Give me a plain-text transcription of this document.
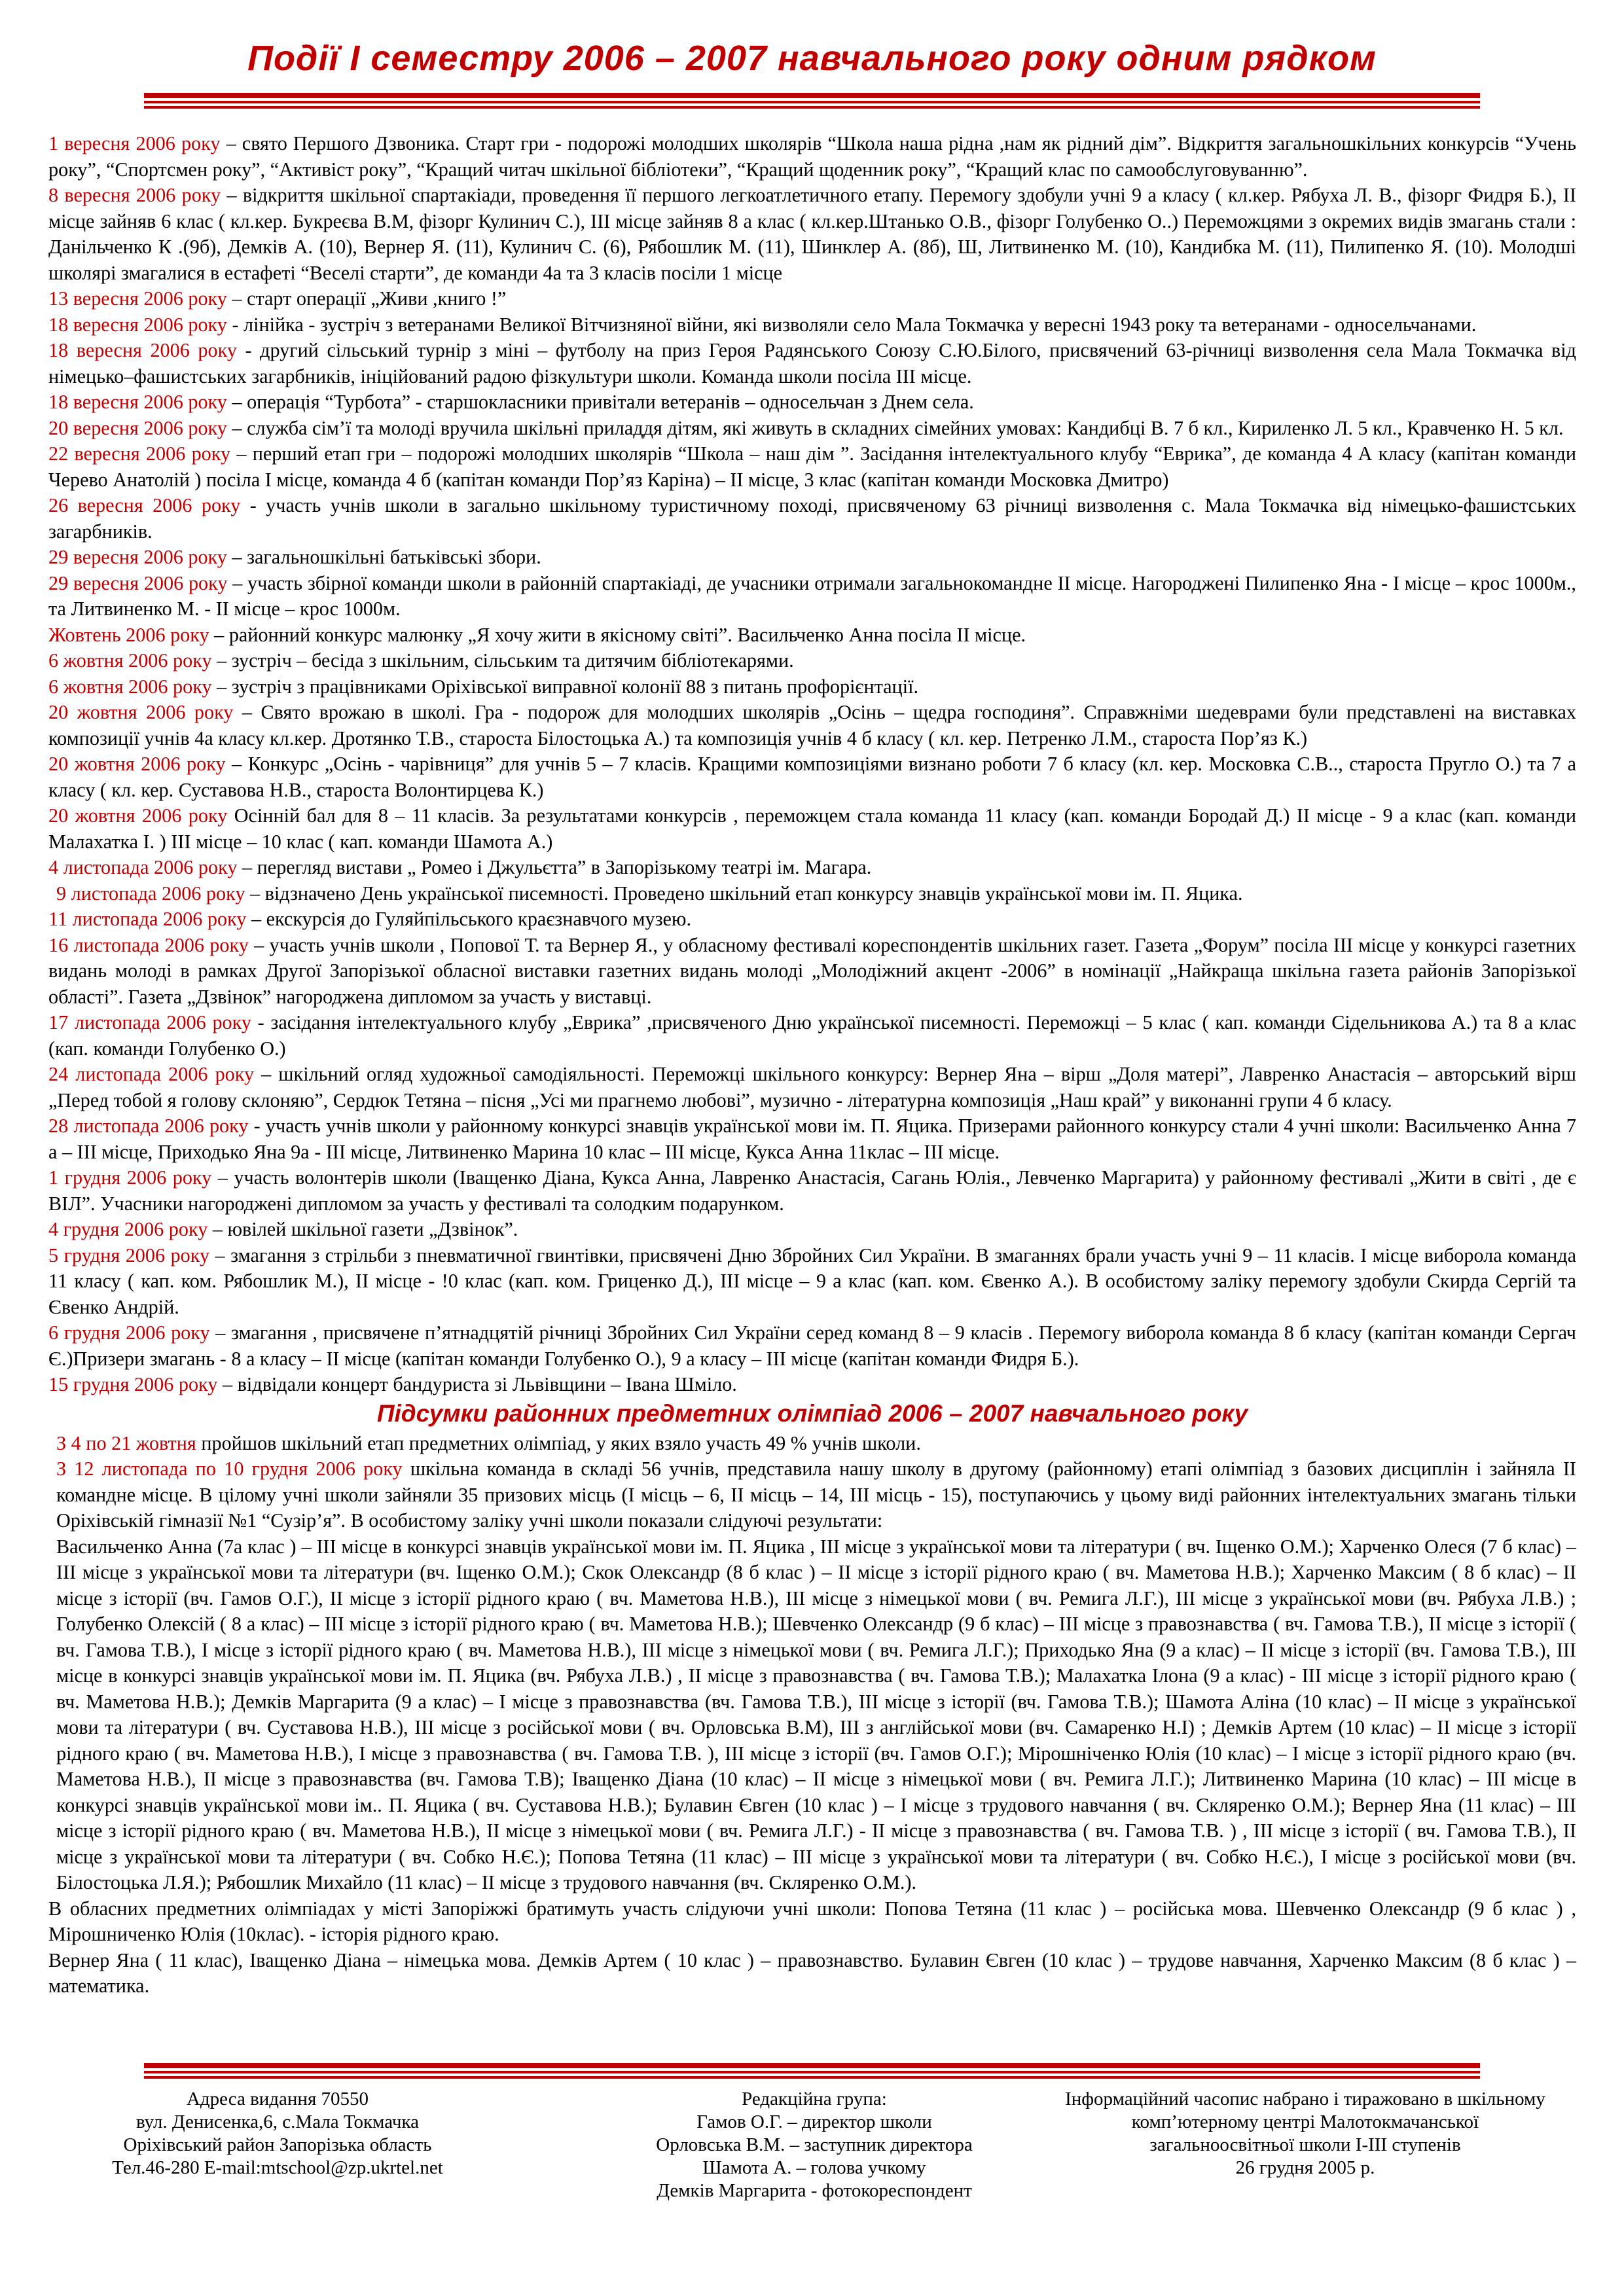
Події І семестру 2006 – 2007 навчального року одним рядком

1 вересня 2006 року – свято Першого Дзвоника. Старт гри - подорожі молодших школярів “Школа наша рідна ,нам як рідний дім”. Відкриття загальношкільних конкурсів “Учень року”, “Спортсмен року”, “Активіст року”, “Кращий читач шкільної бібліотеки”, “Кращий щоденник року”, “Кращий клас по самообслуговуванню”.

8 вересня 2006 року – відкриття шкільної спартакіади, проведення її першого легкоатлетичного етапу. Перемогу здобули учні 9 а класу ( кл.кер. Рябуха Л. В., фізорг Фидря Б.), ІІ місце зайняв 6 клас ( кл.кер. Букреєва В.М, фізорг Кулинич С.), ІІІ місце зайняв 8 а клас ( кл.кер.Штанько О.В., фізорг Голубенко О..) Переможцями з окремих видів змагань стали : Данільченко К .(9б), Демків А. (10), Вернер Я. (11), Кулинич С. (6), Рябошлик М. (11), Шинклер А. (8б), Ш, Литвиненко М. (10), Кандибка М. (11), Пилипенко Я. (10). Молодші школярі змагалися в естафеті “Веселі старти”, де команди 4а та 3 класів посіли 1 місце

13 вересня 2006 року – старт операції „Живи ,книго !”

18 вересня 2006 року - лінійка - зустріч з ветеранами Великої Вітчизняної війни, які визволяли село Мала Токмачка у вересні 1943 року та ветеранами - односельчанами.

18 вересня 2006 року - другий сільський турнір з міні – футболу на приз Героя Радянського Союзу С.Ю.Білого, присвячений 63-річниці визволення села Мала Токмачка від німецько–фашистських загарбників, ініційований радою фізкультури школи. Команда школи посіла ІІІ місце.

18 вересня 2006 року – операція “Турбота” - старшокласники привітали ветеранів – односельчан з Днем села.

20 вересня 2006 року – служба сім’ї та молоді вручила шкільні приладдя дітям, які живуть в складних сімейних умовах: Кандибці В. 7 б кл., Кириленко Л. 5 кл., Кравченко Н. 5 кл.

22 вересня 2006 року – перший етап гри – подорожі молодших школярів “Школа – наш дім ”. Засідання інтелектуального клубу “Еврика”, де команда 4 А класу (капітан команди Черево Анатолій ) посіла І місце, команда 4 б (капітан команди Пор’яз Каріна) – ІІ місце, 3 клас (капітан команди Московка Дмитро)

26 вересня 2006 року - участь учнів школи в загально шкільному туристичному поході, присвяченому 63 річниці визволення с. Мала Токмачка від німецько-фашистських загарбників.

29 вересня 2006 року – загальношкільні батьківські збори.

29 вересня 2006 року – участь збірної команди школи в районній спартакіаді, де учасники отримали загальнокомандне ІІ місце. Нагороджені Пилипенко Яна - І місце – крос 1000м., та Литвиненко М. - ІІ місце – крос 1000м.

Жовтень 2006 року – районний конкурс малюнку „Я хочу жити в якісному світі”. Васильченко Анна посіла ІІ місце.

6 жовтня 2006 року – зустріч – бесіда з шкільним, сільським та дитячим бібліотекарями.

6 жовтня 2006 року – зустріч з працівниками Оріхівської виправної колонії 88 з питань профорієнтації.

20 жовтня 2006 року – Свято врожаю в школі. Гра - подорож для молодших школярів „Осінь – щедра господиня”. Справжніми шедеврами були представлені на виставках композиції учнів 4а класу кл.кер. Дротянко Т.В., староста Білостоцька А.) та композиція учнів 4 б класу ( кл. кер. Петренко Л.М., староста Пор’яз К.)

20 жовтня 2006 року – Конкурс „Осінь - чарівниця” для учнів 5 – 7 класів. Кращими композиціями визнано роботи 7 б класу (кл. кер. Московка С.В.., староста Пругло О.) та 7 а класу ( кл. кер. Суставова Н.В., староста Волонтирцева К.)

20 жовтня 2006 року Осінній бал для 8 – 11 класів. За результатами конкурсів , переможцем стала команда 11 класу (кап. команди Бородай Д.) ІІ місце - 9 а клас (кап. команди Малахатка І. ) ІІІ місце – 10 клас ( кап. команди Шамота А.)

4 листопада 2006 року – перегляд вистави „ Ромео і Джульєтта” в Запорізькому театрі ім. Магара.

9 листопада 2006 року – відзначено День української писемності. Проведено шкільний етап конкурсу знавців української мови ім. П. Яцика.

11 листопада 2006 року – екскурсія до Гуляйпільського краєзнавчого музею.

16 листопада 2006 року – участь учнів школи , Попової Т. та Вернер Я., у обласному фестивалі кореспондентів шкільних газет. Газета „Форум” посіла ІІІ місце у конкурсі газетних видань молоді в рамках Другої Запорізької обласної виставки газетних видань молоді „Молодіжний акцент -2006” в номінації „Найкраща шкільна газета районів Запорізької області”. Газета „Дзвінок” нагороджена дипломом за участь у виставці.

17 листопада 2006 року - засідання інтелектуального клубу „Еврика” ,присвяченого Дню української писемності. Переможці – 5 клас ( кап. команди Сідельникова А.) та 8 а клас (кап. команди Голубенко О.)

24 листопада 2006 року – шкільний огляд художньої самодіяльності. Переможці шкільного конкурсу: Вернер Яна – вірш „Доля матері”, Лавренко Анастасія – авторський вірш „Перед тобой я голову склоняю”, Сердюк Тетяна – пісня „Усі ми прагнемо любові”, музично - літературна композиція „Наш край” у виконанні групи 4 б класу.

28 листопада 2006 року - участь учнів школи у районному конкурсі знавців української мови ім. П. Яцика. Призерами районного конкурсу стали 4 учні школи: Васильченко Анна 7 а – ІІІ місце, Приходько Яна 9а - ІІІ місце, Литвиненко Марина 10 клас – ІІІ місце, Кукса Анна 11клас – ІІІ місце.

1 грудня 2006 року – участь волонтерів школи (Іващенко Діана, Кукса Анна, Лавренко Анастасія, Сагань Юлія., Левченко Маргарита) у районному фестивалі „Жити в світі , де є ВІЛ”. Учасники нагороджені дипломом за участь у фестивалі та солодким подарунком.

4 грудня 2006 року – ювілей шкільної газети „Дзвінок”.

5 грудня 2006 року – змагання з стрільби з пневматичної гвинтівки, присвячені Дню Збройних Сил України. В змаганнях брали участь учні 9 – 11 класів. І місце виборола команда 11 класу ( кап. ком. Рябошлик М.), ІІ місце - !0 клас (кап. ком. Гриценко Д.), ІІІ місце – 9 а клас (кап. ком. Євенко А.). В особистому заліку перемогу здобули Скирда Сергій та Євенко Андрій.

6 грудня 2006 року – змагання , присвячене п’ятнадцятій річниці Збройних Сил України серед команд 8 – 9 класів . Перемогу виборола команда 8 б класу (капітан команди Сергач Є.)Призери змагань - 8 а класу – ІІ місце (капітан команди Голубенко О.), 9 а класу – ІІІ місце (капітан команди Фидря Б.).

15 грудня 2006 року – відвідали концерт бандуриста зі Львівщини – Івана Шміло.

Підсумки районних предметних олімпіад 2006 – 2007 навчального року

З 4 по 21 жовтня пройшов шкільний етап предметних олімпіад, у яких взяло участь 49 % учнів школи.

З 12 листопада по 10 грудня 2006 року шкільна команда в складі 56 учнів, представила нашу школу в другому (районному) етапі олімпіад з базових дисциплін і зайняла ІІ командне місце. В цілому учні школи зайняли 35 призових місць (І місць – 6, ІІ місць – 14, ІІІ місць - 15), поступаючись у цьому виді районних інтелектуальних змагань тільки Оріхівській гімназії №1 “Сузір’я”. В особистому заліку учні школи показали слідуючі результати:

Васильченко Анна (7а клас ) – ІІІ місце в конкурсі знавців української мови ім. П. Яцика , ІІІ місце з української мови та літератури ( вч. Іщенко О.М.); Харченко Олеся (7 б клас) – ІІІ місце з української мови та літератури (вч. Іщенко О.М.); Скок Олександр (8 б клас ) – ІІ місце з історії рідного краю ( вч. Маметова Н.В.); Харченко Максим ( 8 б клас) – ІІ місце з історії (вч. Гамов О.Г.), ІІ місце з історії рідного краю ( вч. Маметова Н.В.), ІІІ місце з німецької мови ( вч. Ремига Л.Г.), ІІІ місце з української мови (вч. Рябуха Л.В.) ; Голубенко Олексій ( 8 а клас) – ІІІ місце з історії рідного краю ( вч. Маметова Н.В.); Шевченко Олександр (9 б клас) – ІІІ місце з правознавства ( вч. Гамова Т.В.), ІІ місце з історії ( вч. Гамова Т.В.), І місце з історії рідного краю ( вч. Маметова Н.В.), ІІІ місце з німецької мови ( вч. Ремига Л.Г.); Приходько Яна (9 а клас) – ІІ місце з історії (вч. Гамова Т.В.), ІІІ місце в конкурсі знавців української мови ім. П. Яцика (вч. Рябуха Л.В.) , ІІ місце з правознавства ( вч. Гамова Т.В.); Малахатка Ілона (9 а клас) - ІІІ місце з історії рідного краю ( вч. Маметова Н.В.); Демків Маргарита (9 а клас) – І місце з правознавства (вч. Гамова Т.В.), ІІІ місце з історії (вч. Гамова Т.В.); Шамота Аліна (10 клас) – ІІ місце з української мови та літератури ( вч. Суставова Н.В.), ІІІ місце з російської мови ( вч. Орловська В.М), ІІІ з англійської мови (вч. Самаренко Н.І) ; Демків Артем (10 клас) – ІІ місце з історії рідного краю ( вч. Маметова Н.В.), І місце з правознавства ( вч. Гамова Т.В. ), ІІІ місце з історії (вч. Гамов О.Г.); Мірошніченко Юлія (10 клас) – І місце з історії рідного краю (вч. Маметова Н.В.), ІІ місце з правознавства (вч. Гамова Т.В); Іващенко Діана (10 клас) – ІІ місце з німецької мови ( вч. Ремига Л.Г.); Литвиненко Марина (10 клас) – ІІІ місце в конкурсі знавців української мови ім.. П. Яцика ( вч. Суставова Н.В.); Булавин Євген (10 клас ) – І місце з трудового навчання ( вч. Скляренко О.М.); Вернер Яна (11 клас) – ІІІ місце з історії рідного краю ( вч. Маметова Н.В.), ІІ місце з німецької мови ( вч. Ремига Л.Г.) - ІІ місце з правознавства ( вч. Гамова Т.В. ) , ІІІ місце з історії ( вч. Гамова Т.В.), ІІ місце з української мови та літератури ( вч. Собко Н.Є.); Попова Тетяна (11 клас) – ІІІ місце з української мови та літератури ( вч. Собко Н.Є.), І місце з російської мови (вч. Білостоцька Л.Я.); Рябошлик Михайло (11 клас) – ІІ місце з трудового навчання (вч. Скляренко О.М.).

В обласних предметних олімпіадах у місті Запоріжжі братимуть участь слідуючи учні школи: Попова Тетяна (11 клас ) – російська мова. Шевченко Олександр (9 б клас ) , Мірошниченко Юлія (10клас). - історія рідного краю.

Вернер Яна ( 11 клас), Іващенко Діана – німецька мова. Демків Артем ( 10 клас ) – правознавство. Булавин Євген (10 клас ) – трудове навчання, Харченко Максим (8 б клас ) – математика.

Адреса видання 70550
вул. Денисенка,6, с.Мала Токмачка
Оріхівський район Запорізька область
Тел.46-280 E-mail:mtschool@zp.ukrtel.net
Редакційна група:
Гамов О.Г. – директор школи
Орловська В.М. – заступник директора
Шамота А. – голова учкому
Демків Маргарита - фотокореспондент
Інформаційний часопис набрано і тиражовано в шкільному
комп’ютерному центрі Малотокмачанської
загальноосвітньої школи І-ІІІ ступенів
26 грудня 2005 р.
